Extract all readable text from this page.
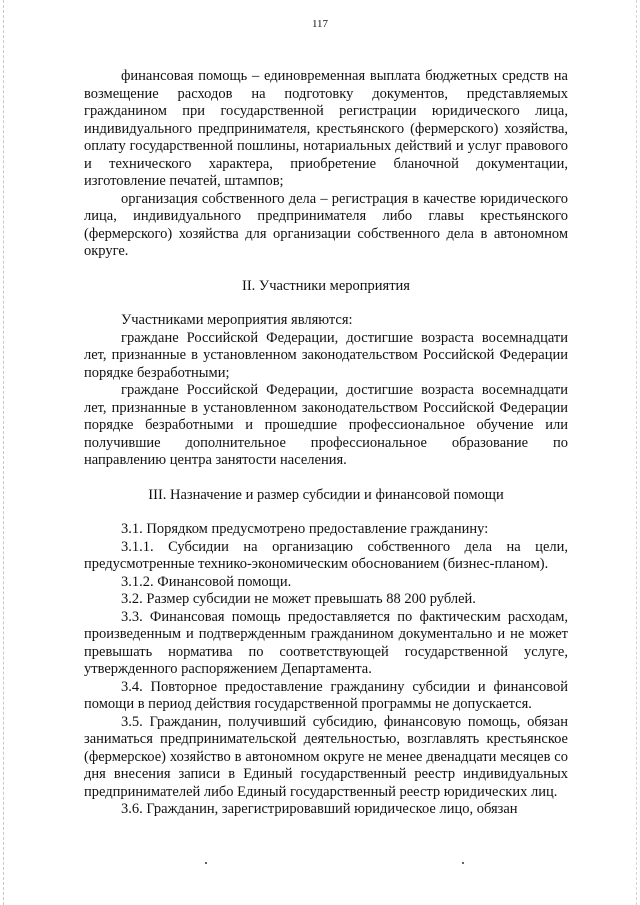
117

финансовая помощь – единовременная выплата бюджетных средств на возмещение расходов на подготовку документов, представляемых гражданином при государственной регистрации юридического лица, индивидуального предпринимателя, крестьянского (фермерского) хозяйства, оплату государственной пошлины, нотариальных действий и услуг правового и технического характера, приобретение бланочной документации, изготовление печатей, штампов;

организация собственного дела – регистрация в качестве юридического лица, индивидуального предпринимателя либо главы крестьянского (фермерского) хозяйства для организации собственного дела в автономном округе.

II. Участники мероприятия

Участниками мероприятия являются:

граждане Российской Федерации, достигшие возраста восемнадцати лет, признанные в установленном законодательством Российской Федерации порядке безработными;

граждане Российской Федерации, достигшие возраста восемнадцати лет, признанные в установленном законодательством Российской Федерации порядке безработными и прошедшие профессиональное обучение или получившие дополнительное профессиональное образование по направлению центра занятости населения.

III. Назначение и размер субсидии и финансовой помощи

3.1. Порядком предусмотрено предоставление гражданину:

3.1.1. Субсидии на организацию собственного дела на цели, предусмотренные технико-экономическим обоснованием (бизнес-планом).

3.1.2. Финансовой помощи.

3.2. Размер субсидии не может превышать 88 200 рублей.

3.3. Финансовая помощь предоставляется по фактическим расходам, произведенным и подтвержденным гражданином документально и не может превышать норматива по соответствующей государственной услуге, утвержденного распоряжением Департамента.

3.4. Повторное предоставление гражданину субсидии и финансовой помощи в период действия государственной программы не допускается.

3.5. Гражданин, получивший субсидию, финансовую помощь, обязан заниматься предпринимательской деятельностью, возглавлять крестьянское (фермерское) хозяйство в автономном округе не менее двенадцати месяцев со дня внесения записи в Единый государственный реестр индивидуальных предпринимателей либо Единый государственный реестр юридических лиц.

3.6. Гражданин, зарегистрировавший юридическое лицо, обязан
